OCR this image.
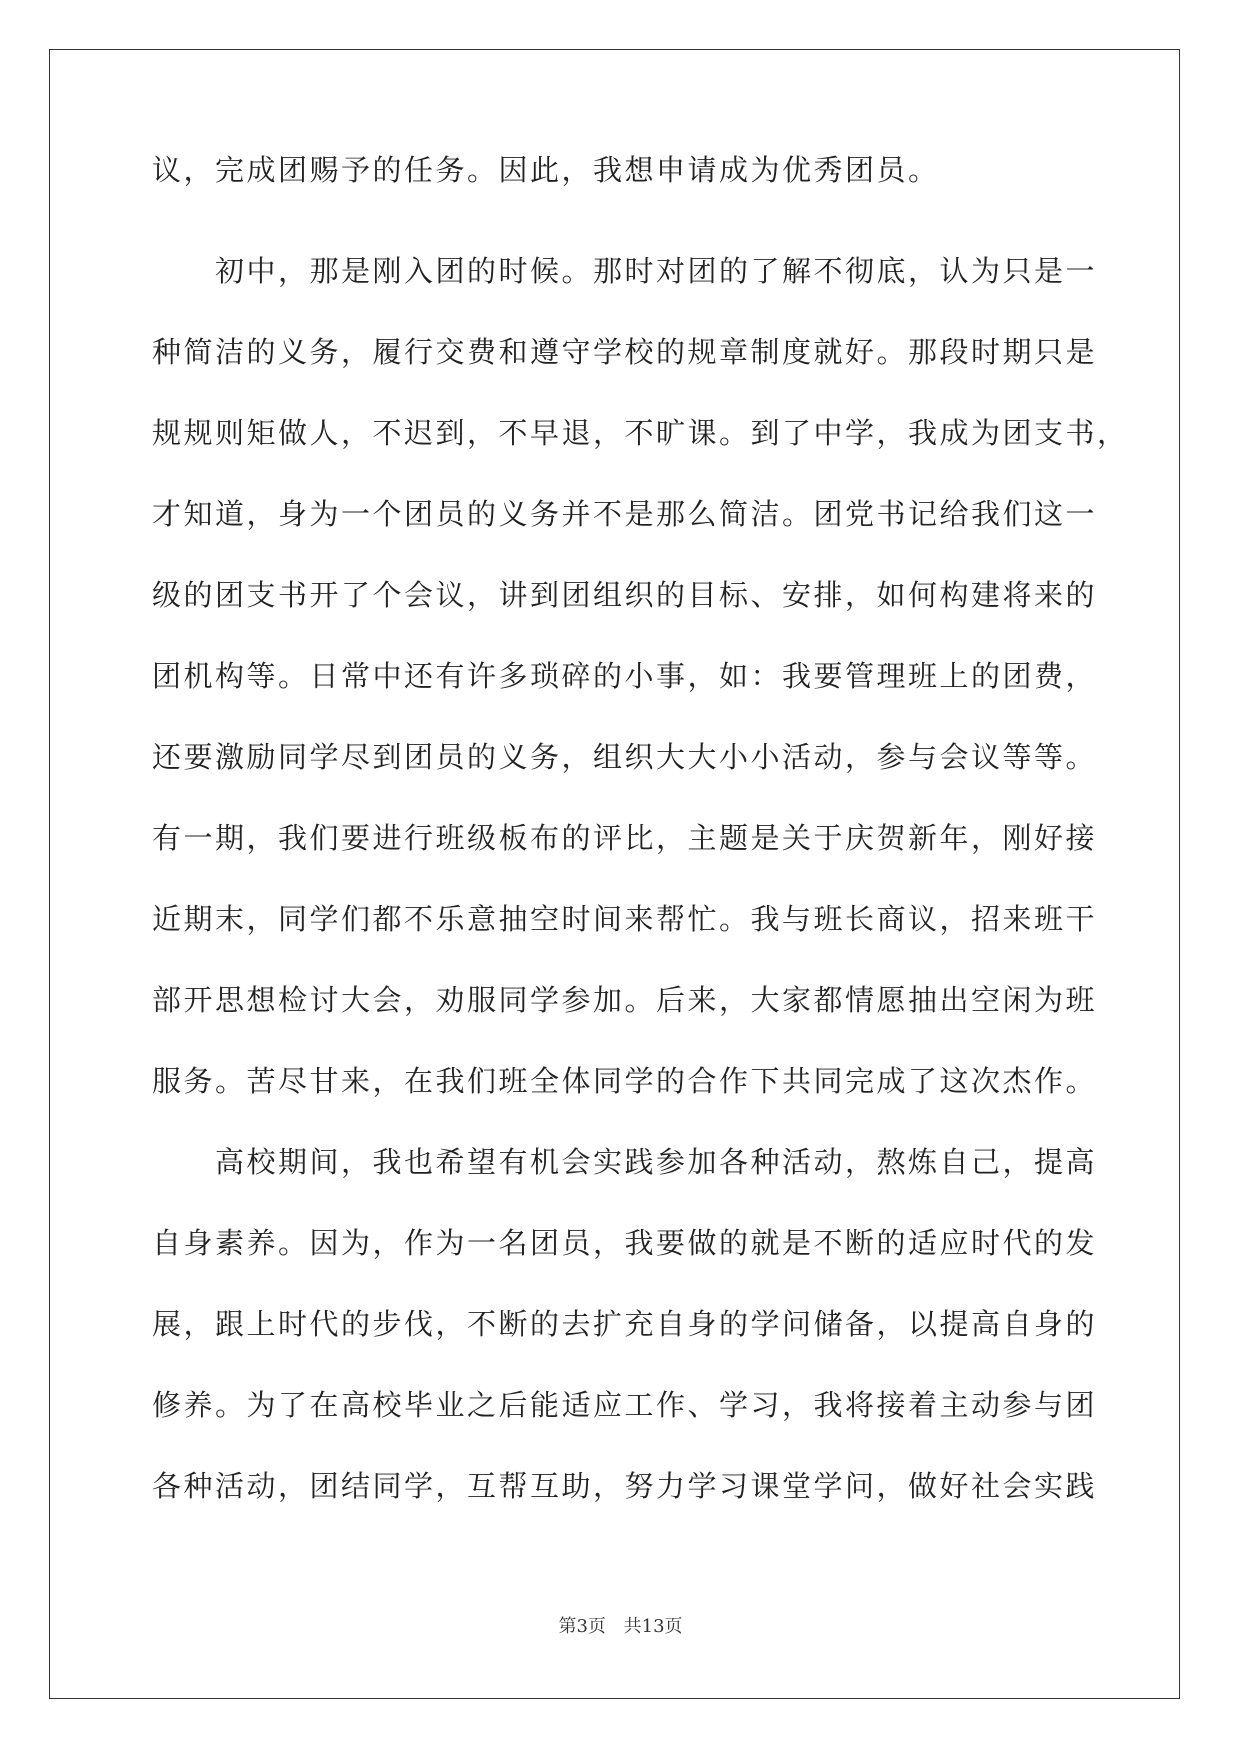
议，完成团赐予的任务。因此，我想申请成为优秀团员。
初中，那是刚入团的时候。那时对团的了解不彻底，认为只是一
种简洁的义务，履行交费和遵守学校的规章制度就好。那段时期只是
规规则矩做人，不迟到，不早退，不旷课。到了中学，我成为团支书，
才知道，身为一个团员的义务并不是那么简洁。团党书记给我们这一
级的团支书开了个会议，讲到团组织的目标、安排，如何构建将来的
团机构等。日常中还有许多琐碎的小事，如：我要管理班上的团费，
还要激励同学尽到团员的义务，组织大大小小活动，参与会议等等。
有一期，我们要进行班级板布的评比，主题是关于庆贺新年，刚好接
近期末，同学们都不乐意抽空时间来帮忙。我与班长商议，招来班干
部开思想检讨大会，劝服同学参加。后来，大家都情愿抽出空闲为班
服务。苦尽甘来，在我们班全体同学的合作下共同完成了这次杰作。
高校期间，我也希望有机会实践参加各种活动，熬炼自己，提高
自身素养。因为，作为一名团员，我要做的就是不断的适应时代的发
展，跟上时代的步伐，不断的去扩充自身的学问储备，以提高自身的
修养。为了在高校毕业之后能适应工作、学习，我将接着主动参与团
各种活动，团结同学，互帮互助，努力学习课堂学问，做好社会实践
第3页 共13页
